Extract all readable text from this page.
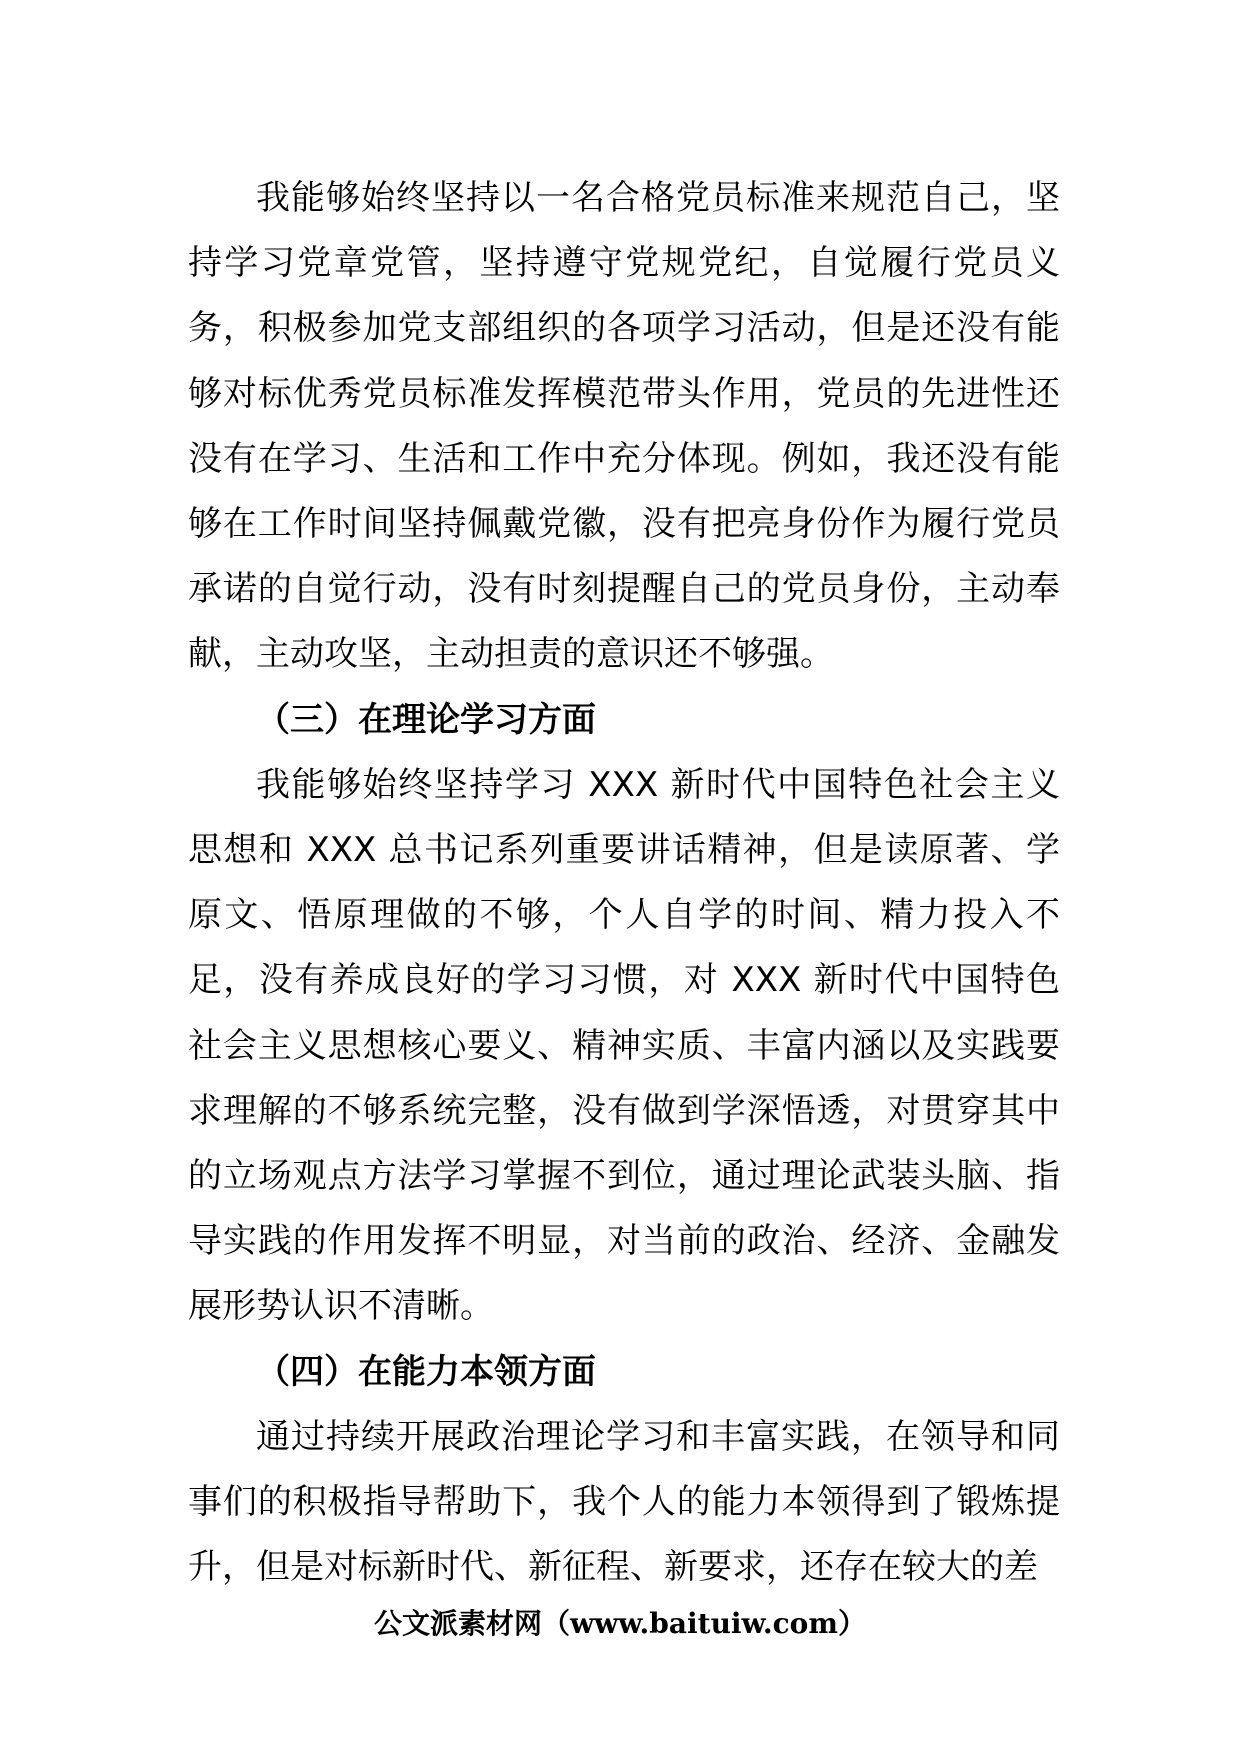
我能够始终坚持以一名合格党员标准来规范自己，坚持学习党章党管，坚持遵守党规党纪，自觉履行党员义务，积极参加党支部组织的各项学习活动，但是还没有能够对标优秀党员标准发挥模范带头作用，党员的先进性还没有在学习、生活和工作中充分体现。例如，我还没有能够在工作时间坚持佩戴党徽，没有把亮身份作为履行党员承诺的自觉行动，没有时刻提醒自己的党员身份，主动奉献，主动攻坚，主动担责的意识还不够强。

（三）在理论学习方面

我能够始终坚持学习 XXX 新时代中国特色社会主义思想和 XXX 总书记系列重要讲话精神，但是读原著、学原文、悟原理做的不够，个人自学的时间、精力投入不足，没有养成良好的学习习惯，对 XXX 新时代中国特色社会主义思想核心要义、精神实质、丰富内涵以及实践要求理解的不够系统完整，没有做到学深悟透，对贯穿其中的立场观点方法学习掌握不到位，通过理论武装头脑、指导实践的作用发挥不明显，对当前的政治、经济、金融发展形势认识不清晰。

（四）在能力本领方面

通过持续开展政治理论学习和丰富实践，在领导和同事们的积极指导帮助下，我个人的能力本领得到了锻炼提升，但是对标新时代、新征程、新要求，还存在较大的差

公文派素材网（www.baituiw.com）
